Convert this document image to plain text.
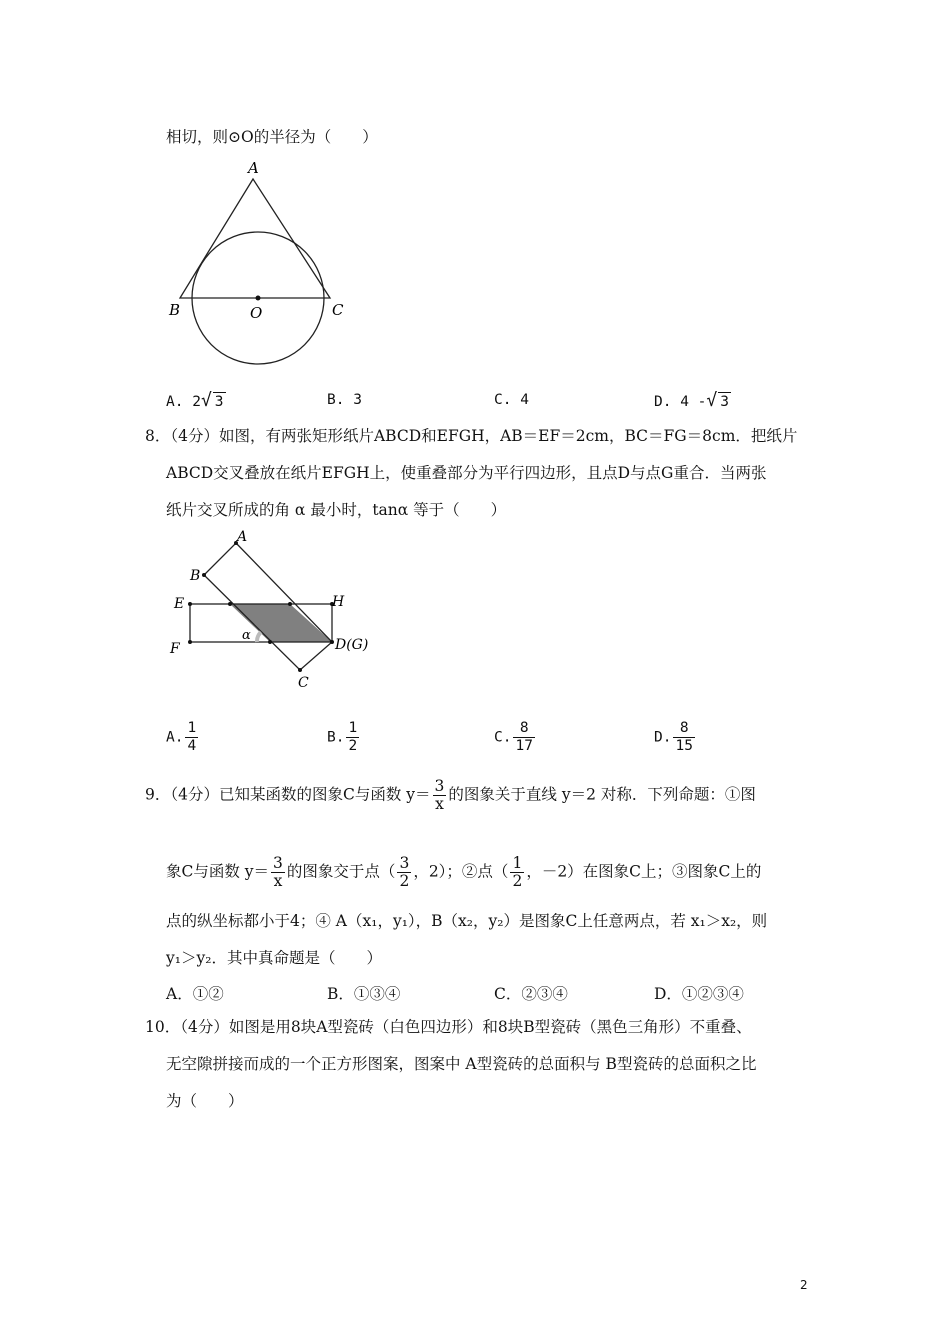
相切，则⊙O的半径为（　　）
A
B	C
O
A. 2√ 3	B. 3	C. 4	D. 4 -√ 3
8．（4分）如图，有两张矩形纸片ABCD和EFGH，AB＝EF＝2cm，BC＝FG＝8cm．把纸片
ABCD交叉叠放在纸片EFGH上，使重叠部分为平行四边形，且点D与点G重合．当两张
纸片交叉所成的角 α 最小时，tanα 等于（　　）
A
B
E	H
F	D(G)
C
α
A. $\frac{1}{4}$	B. $\frac{1}{2}$	C. $\frac{8}{17}$	D. $\frac{8}{15}$
9．（4分）已知某函数的图象C与函数 $y= \frac{3}{x}$ 的图象关于直线 y＝2 对称．下列命题：①图
象C与函数 $y= \frac{3}{x}$ 的图象交于点（ $\frac{3}{2}$ ，2）；②点（ $\frac{1}{2}$ ，－2）在图象C上；③图象C上的
点的纵坐标都小于4；④ A（x₁，y₁），B（x₂，y₂）是图象C上任意两点，若 x₁＞x₂，则
y₁＞y₂．其中真命题是（　　）
A．①②	B．①③④	C．②③④	D．①②③④
10．（4分）如图是用8块A型瓷砖（白色四边形）和8块B型瓷砖（黑色三角形）不重叠、
无空隙拼接而成的一个正方形图案，图案中 A型瓷砖的总面积与 B型瓷砖的总面积之比
为（　　）
2
